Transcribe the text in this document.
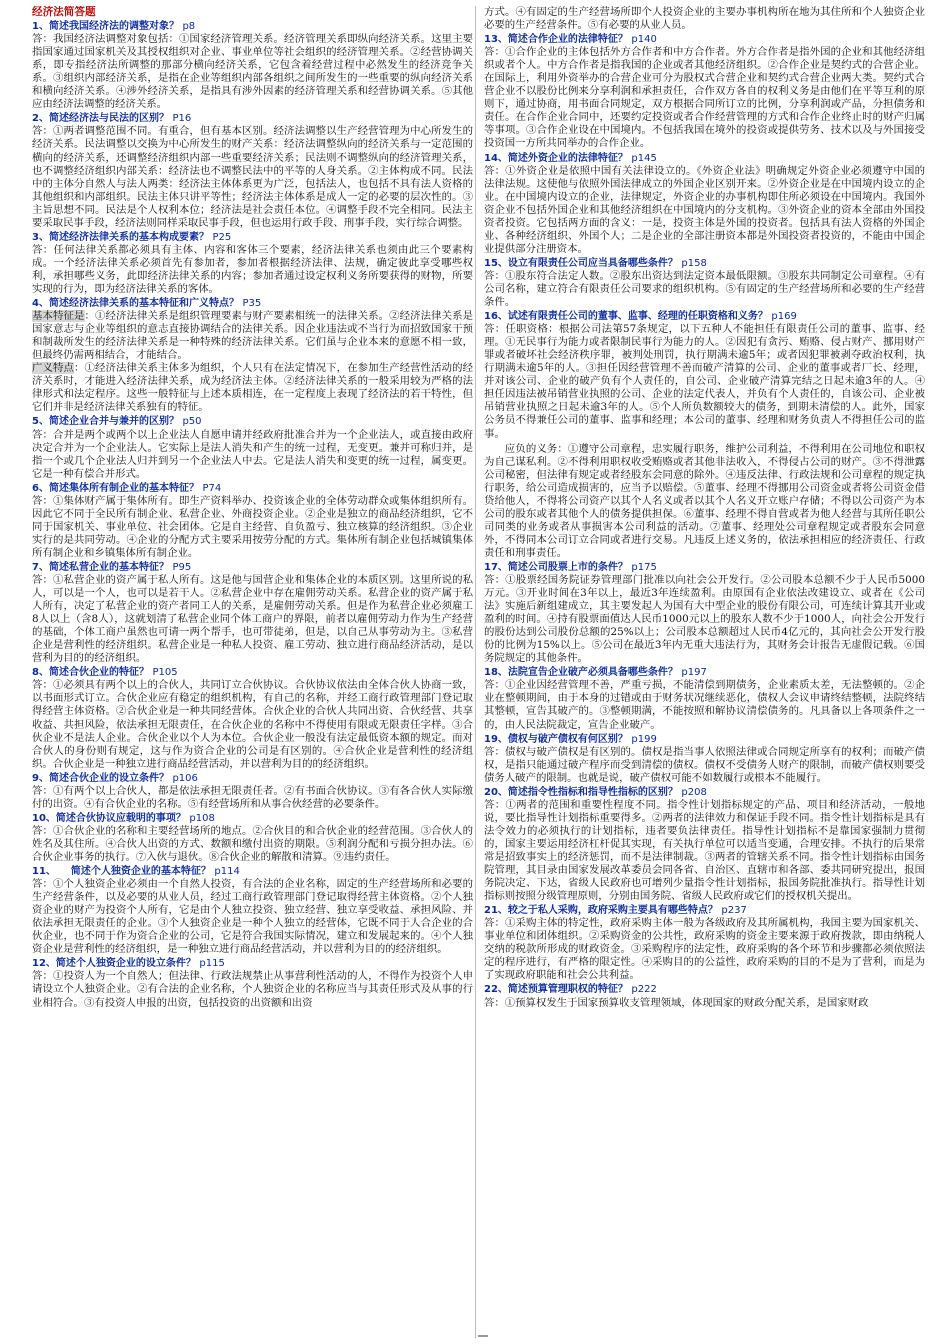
经济法简答题
1、简述我国经济法的调整对象？ p8

答：我国经济法调整对象包括：①国家经济管理关系。经济管理关系即纵向经济关系。这里主要指国家通过国家机关及其授权组织对企业、事业单位等社会组织的经济管理关系。②经营协调关系，即专指经济法所调整的那部分横向经济关系，它包含着经营过程中必然发生的经济竞争关系。③组织内部经济关系，是指在企业等组织内部各组织之间所发生的一些重要的纵向经济关系和横向经济关系。④涉外经济关系，是指具有涉外因素的经济管理关系和经营协调关系。⑤其他应由经济法调整的经济关系。

2、简述经济法与民法的区别？ P16

答：①两者调整范围不同。有重合，但有基本区别。经济法调整以生产经营管理为中心所发生的经济关系。民法调整以交换为中心所发生的财产关系：经济法调整纵向的经济关系与一定范围的横向的经济关系，还调整经济组织内部一些重要经济关系；民法则不调整纵向的经济管理关系，也不调整经济组织内部关系：经济法也不调整民法中的平等的人身关系。②主体构成不同。民法中的主体分自然人与法人两类：经济法主体体系更为广泛，包括法人，也包括不具有法人资格的其他组织和内部组织。民法主体只讲平等性；经济法主体体系是成人一定的必要的层次性的。③主旨思想不同。民法是个人权利本位；经济法是社会责任本位。④调整手段不完全相同。民法主要采取民事手段，经济法则同样采取民事手段，但也运用行政手段、刑事手段，实行综合调整。

3、简述经济法律关系的基本构成要素？ P25

答：任何法律关系都必须具有主体、内容和客体三个要素，经济法律关系也须由此三个要素构成。一个经济法律关系必须首先有参加者，参加者根据经济法律、法规，确定彼此享受哪些权利，承担哪些义务，此即经济法律关系的内容；参加者通过设定权利义务所要获得的财物，所要实现的行为，即为经济法律关系的客体。

4、简述经济法律关系的基本特征和广义特点？ P35

基本特征是：①经济法律关系是组织管理要素与财产要素相统一的法律关系。②经济法律关系是国家意志与企业等组织的意志直接协调结合的法律关系。因企业违法或不当行为而招致国家干预和制裁所发生的经济法律关系是一种特殊的经济法律关系。它们虽与企业本来的意愿不相一致，但最终仍需两相结合，才能结合。

广义特点：①经济法律关系主体多为组织，个人只有在法定情况下，在参加生产经营性活动的经济关系时，才能进入经济法律关系，成为经济法主体。②经济法律关系的一般采用较为严格的法律形式和法定程序。这些一般特征与上述本质相连，在一定程度上表现了经济法的若干特性，但它们并非是经济法律关系独有的特征。

5、简述企业合并与兼并的区别？ p50

答：合并是两个或两个以上企业法人自愿申请并经政府批准合并为一个企业法人，或直接由政府决定合并为一个企业法人。它实际上是法人消失和产生的统一过程，无变更。兼并可称归并，是指一个或几个企业法人归并到另一个企业法人中去。它是法人消失和变更的统一过程，属变更。它是一种有偿合并形式。

6、简述集体所有制企业的基本特征？ P74

答：①集体财产属于集体所有。即生产资料举办、投资该企业的全体劳动群众或集体组织所有。因此它不同于全民所有制企业、私营企业、外商投资企业。②企业是独立的商品经济组织，它不同于国家机关、事业单位、社会团体。它是自主经营、自负盈亏、独立核算的经济组织。③企业实行的是共同劳动。④企业的分配方式主要采用按劳分配的方式。集体所有制企业包括城镇集体所有制企业和乡镇集体所有制企业。

7、简述私营企业的基本特征？ P95

答：①私营企业的资产属于私人所有。这是他与国营企业和集体企业的本质区别。这里所说的私人，可以是一个人，也可以是若干人。②私营企业中存在雇佣劳动关系。私营企业的资产属于私人所有，决定了私营企业的资产者同工人的关系，是雇佣劳动关系。但是作为私营企业必须雇工8人以上（含8人），这就划清了私营企业同个体工商户的界限，前者以雇佣劳动力作为生产经营的基础，个体工商户虽然也可请一两个帮手，也可带徒弟，但是，以自己从事劳动为主。③私营企业是营利性的经济组织。私营企业是一种私人投资、雇工劳动、独立进行商品经济活动，是以营利为目的的经济组织。

8、简述合伙企业的特征？ P105

答：①必须具有两个以上的合伙人，共同订立合伙协议。合伙协议依法由全体合伙人协商一致，以书面形式订立。合伙企业应有稳定的组织机构，有自己的名称，并经工商行政管理部门登记取得经营主体资格。②合伙企业是一种共同经营体。合伙企业的合伙人共同出资、合伙经营、共享收益、共担风险，依法承担无限责任，在合伙企业的名称中不得使用有限或无限责任字样。③合伙企业不是法人企业。合伙企业以个人为本位。合伙企业一般没有法定最低资本额的规定。而对合伙人的身份则有规定，这与作为资合企业的公司是有区别的。④合伙企业是营利性的经济组织。合伙企业是一种独立进行商品经营活动，并以营利为目的的经济组织。

9、简述合伙企业的设立条件？ p106

答：①有两个以上合伙人，都是依法承担无限责任者。②有书面合伙协议。③有各合伙人实际缴付的出资。④有合伙企业的名称。⑤有经营场所和从事合伙经营的必要条件。

10、简述合伙协议应载明的事项？ p108

答：①合伙企业的名称和主要经营场所的地点。②合伙目的和合伙企业的经营范围。③合伙人的姓名及其住所。④合伙人出资的方式、数额和缴付出资的期限。⑤利润分配和亏损分担办法。⑥合伙企业事务的执行。⑦入伙与退伙。⑧合伙企业的解散和清算。⑨违约责任。

11、　　简述个人独资企业的基本特征？ p114

答：①个人独资企业必须由一个自然人投资，有合法的企业名称，固定的生产经营场所和必要的生产经营条件，以及必要的从业人员，经过工商行政管理部门登记取得经营主体资格。②个人独资企业的财产为投资个人所有，它是由个人独立投资、独立经营、独立享受收益、承担风险、并依法承担无限责任的企业。③个人独资企业是一种个人独立的经营体，它既不同于人合企业的合伙企业，也不同于作为资合企业的公司，它是符合我国实际情况，建立和发展起来的。④个人独资企业是营利性的经济组织，是一种独立进行商品经营活动，并以营利为目的的经济组织。

12、简述个人独资企业的设立条件？ p115

答：①投资人为一个自然人；但法律、行政法规禁止从事营利性活动的人，不得作为投资个人申请设立个人独资企业。②有合法的企业名称，个人独资企业的名称应当与其责任形式及从事的行业相符合。③有投资人申报的出资，包括投资的出资额和出资

方式。④有固定的生产经营场所即个人投资企业的主要办事机构所在地为其住所和个人独资企业必要的生产经营条件。⑤有必要的从业人员。

13、简述合作企业的法律特征？ p140

答：①合作企业的主体包括外方合作者和中方合作者。外方合作者是指外国的企业和其他经济组织或者个人。中方合作者是指我国的企业或者其他经济组织。②合作企业是契约式的合营企业。在国际上，利用外资举办的合营企业可分为股权式合营企业和契约式合营企业两大类。契约式合营企业不以股份比例来分享利润和承担责任，合作双方各自的权利义务是由他们在平等互利的原则下，通过协商，用书面合同规定，双方根据合同所订立的比例，分享利润或产品，分担债务和责任。在合作企业合同中，还要约定投资或者合作经营管理的方式和合作企业终止时的财产归属等事项。③合作企业设在中国境内。不包括我国在境外的投资或提供劳务、技术以及与外国接受投资国一方所共同举办的合作企业。

14、简述外资企业的法律特征？ p145

答：①外资企业是依照中国有关法律设立的。《外资企业法》明确规定外资企业必须遵守中国的法律法规。这使他与依照外国法律成立的外国企业区别开来。②外资企业是在中国境内设立的企业。在中国境内设立的企业，法律规定，外资企业的办事机构即住所必须设在中国境内。我国外资企业不包括外国企业和其他经济组织在中国境内的分支机构。③外资企业的资本全部由外国投资者投资。它包括两方面的含义：一是，投资主体是外国的投资者。包括具有法人资格的外国企业、各种经济组织、外国个人；二是企业的全部注册资本都是外国投资者投资的，不能由中国企业提供部分注册资本。

15、设立有限责任公司应当具备哪些条件？ p158

答：①股东符合法定人数。②股东出资达到法定资本最低限额。③股东共同制定公司章程。④有公司名称，建立符合有限责任公司要求的组织机构。⑤有固定的生产经营场所和必要的生产经营条件。

16、试述有限责任公司的董事、监事、经理的任职资格和义务？ p169

答：任职资格：根据公司法第57条规定，以下五种人不能担任有限责任公司的董事、监事、经理。①无民事行为能力或者限制民事行为能力的人。②因犯有贪污、贿赂、侵占财产、挪用财产罪或者破坏社会经济秩序罪，被判处刑罚，执行期满未逾5年；或者因犯罪被剥夺政治权利，执行期满未逾5年的人。③担任因经营管理不善而破产清算的公司、企业的董事或者厂长、经理，并对该公司、企业的破产负有个人责任的，自公司、企业破产清算完结之日起未逾3年的人。④担任因违法被吊销营业执照的公司、企业的法定代表人，并负有个人责任的，自该公司、企业被吊销营业执照之日起未逾3年的人。⑤个人所负数额较大的债务，到期未清偿的人。此外，国家公务员不得兼任公司的董事、监事和经理；本公司的董事、经理和财务负责人不得担任公司的监事。

应负的义务：①遵守公司章程，忠实履行职务，维护公司利益，不得利用在公司地位和职权为自己谋私利。②不得利用职权收受贿赂或者其他非法收入，不得侵占公司的财产。③不得泄露公司秘密，但法律有规定或者经股东会同意的除外。④违反法律、行政法规和公司章程的规定执行职务，给公司造成损害的，应当予以赔偿。⑤董事、经理不得挪用公司资金或者将公司资金借贷给他人，不得将公司资产以其个人名义或者以其个人名义开立账户存储；不得以公司资产为本公司的股东或者其他个人的债务提供担保。⑥董事、经理不得自营或者为他人经营与其所任职公司同类的业务或者从事损害本公司利益的活动。⑦董事、经理处公司章程规定或者股东会同意外，不得同本公司订立合同或者进行交易。凡违反上述义务的，依法承担相应的经济责任、行政责任和刑事责任。

17、简述公司股票上市的条件？ p175

答：①股票经国务院证券管理部门批准以向社会公开发行。②公司股本总额不少于人民币5000万元。③开业时间在3年以上，最近3年连续盈利。由原国有企业依法改建设立、或者在《公司法》实施后新组建成立，其主要发起人为国有大中型企业的股份有限公司，可连续计算其开业或盈利的时间。④持有股票面值达人民币1000元以上的股东人数不少于1000人，向社会公开发行的股份达到公司股份总额的25%以上；公司股本总额超过人民币4亿元的，其向社会公开发行股份的比例为15%以上。⑤公司在最近3年内无重大违法行为，其财务会计报告无虚假记载。⑥国务院规定的其他条件。

18、法院宣告企业破产必须具备哪些条件？ p197

答：①企业因经营管理不善，严重亏损，不能清偿到期债务，企业素质太差，无法整顿的。②企业在整顿期间，由于本身的过错或由于财务状况继续恶化，债权人会议申请终结整顿，法院终结其整顿，宣告其破产的。③整顿期满，不能按照和解协议清偿债务的。凡具备以上各项条件之一的，由人民法院裁定，宣告企业破产。

19、债权与破产债权有何区别？ p199

答：债权与破产债权是有区别的。债权是指当事人依照法律或合同规定所享有的权利；而破产债权，是指只能通过破产程序而受到清偿的债权。债权不受债务人财产的限制，而破产债权则要受债务人破产的限制。也就是说，破产债权可能不如数履行或根本不能履行。

20、简述指令性指标和指导性指标的区别？ p208

答：①两者的范围和重要性程度不同。指令性计划指标规定的产品、项目和经济活动，一般地说，要比指导性计划指标重要得多。②两者的法律效力和保证手段不同。指令性计划指标是具有法令效力的必须执行的计划指标，违者要负法律责任。指导性计划指标不是靠国家强制力贯彻的，国家主要运用经济杠杆促其实现，有关执行单位可以适当变通，合理安排。不执行的后果常常是招致事实上的经济惩罚，而不是法律制裁。③两者的管辖关系不同。指令性计划指标由国务院管理，其目录由国家发展改革委员会同各省、自治区、直辖市和各部、委共同研究提出，报国务院决定、下达，省级人民政府也可增列少量指令性计划指标，报国务院批准执行。指导性计划指标则按照分级管理原则，分别由国务院、省级人民政府或它们的授权机关提出。

21、较之于私人采购，政府采购主要具有哪些特点？ p237

答：①采购主体的特定性，政府采购主体一般为各级政府及其所属机构，我国主要为国家机关、事业单位和团体组织。②采购资金的公共性，政府采购的资金主要来源于政府拨款，即由纳税人交纳的税款所形成的财政资金。③采购程序的法定性，政府采购的各个环节和步骤都必须依照法定的程序进行，有严格的限定性。④采购目的的公益性，政府采购的目的不是为了营利，而是为了实现政府职能和社会公共利益。

22、简述预算管理职权的特征？ p222

答：①预算权发生于国家预算收支管理领域，体现国家的财政分配关系，是国家财政
